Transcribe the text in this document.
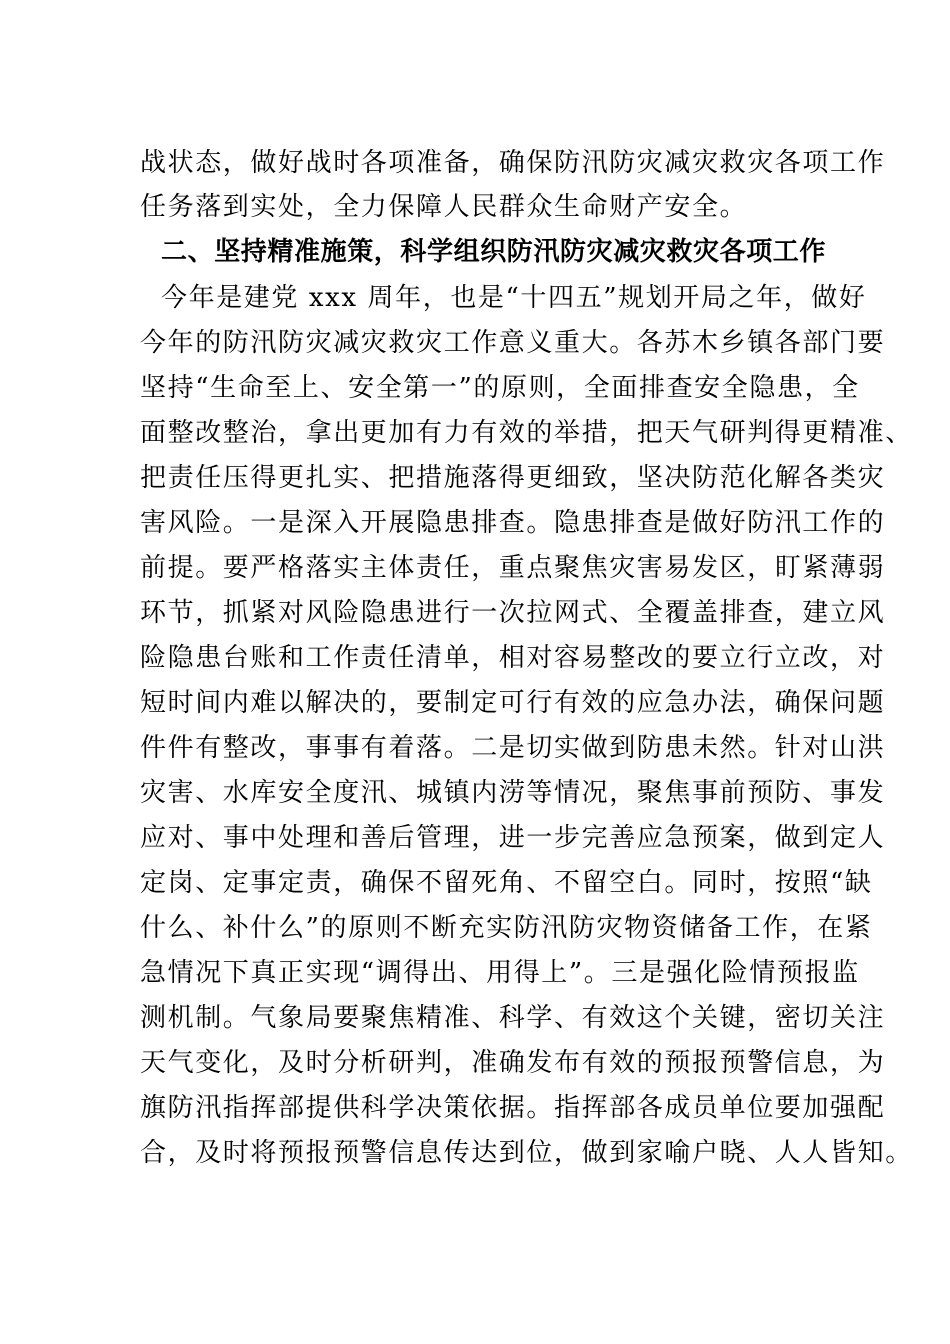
战状态，做好战时各项准备，确保防汛防灾减灾救灾各项工作
任务落到实处，全力保障人民群众生命财产安全。
二、坚持精准施策，科学组织防汛防灾减灾救灾各项工作
今年是建党 xxx 周年，也是“十四五”规划开局之年，做好
今年的防汛防灾减灾救灾工作意义重大。各苏木乡镇各部门要
坚持“生命至上、安全第一”的原则，全面排查安全隐患，全
面整改整治，拿出更加有力有效的举措，把天气研判得更精准、
把责任压得更扎实、把措施落得更细致，坚决防范化解各类灾
害风险。一是深入开展隐患排查。隐患排查是做好防汛工作的
前提。要严格落实主体责任，重点聚焦灾害易发区，盯紧薄弱
环节，抓紧对风险隐患进行一次拉网式、全覆盖排查，建立风
险隐患台账和工作责任清单，相对容易整改的要立行立改，对
短时间内难以解决的，要制定可行有效的应急办法，确保问题
件件有整改，事事有着落。二是切实做到防患未然。针对山洪
灾害、水库安全度汛、城镇内涝等情况，聚焦事前预防、事发
应对、事中处理和善后管理，进一步完善应急预案，做到定人
定岗、定事定责，确保不留死角、不留空白。同时，按照“缺
什么、补什么”的原则不断充实防汛防灾物资储备工作，在紧
急情况下真正实现“调得出、用得上”。三是强化险情预报监
测机制。气象局要聚焦精准、科学、有效这个关键，密切关注
天气变化，及时分析研判，准确发布有效的预报预警信息，为
旗防汛指挥部提供科学决策依据。指挥部各成员单位要加强配
合，及时将预报预警信息传达到位，做到家喻户晓、人人皆知。
